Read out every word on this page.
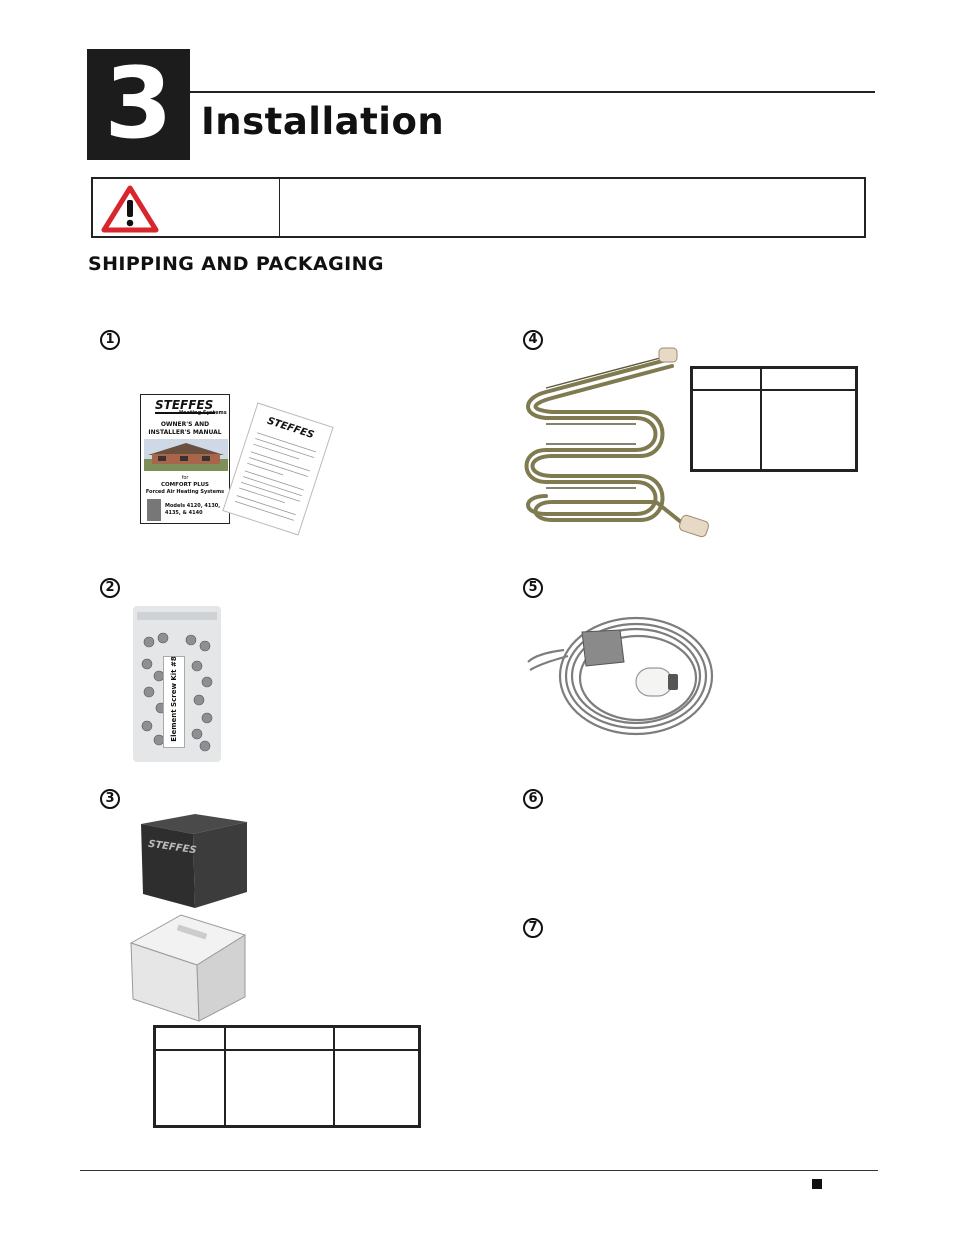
3 Installation
SHIPPING AND PACKAGING
1
2
3
4
5
6
7
STEFFES
Heating Systems
OWNER'S AND
INSTALLER'S MANUAL
for
COMFORT PLUS
Forced Air Heating Systems
Models 4120, 4130,
4135, & 4140
STEFFES
Element Screw Kit #8
STEFFES
